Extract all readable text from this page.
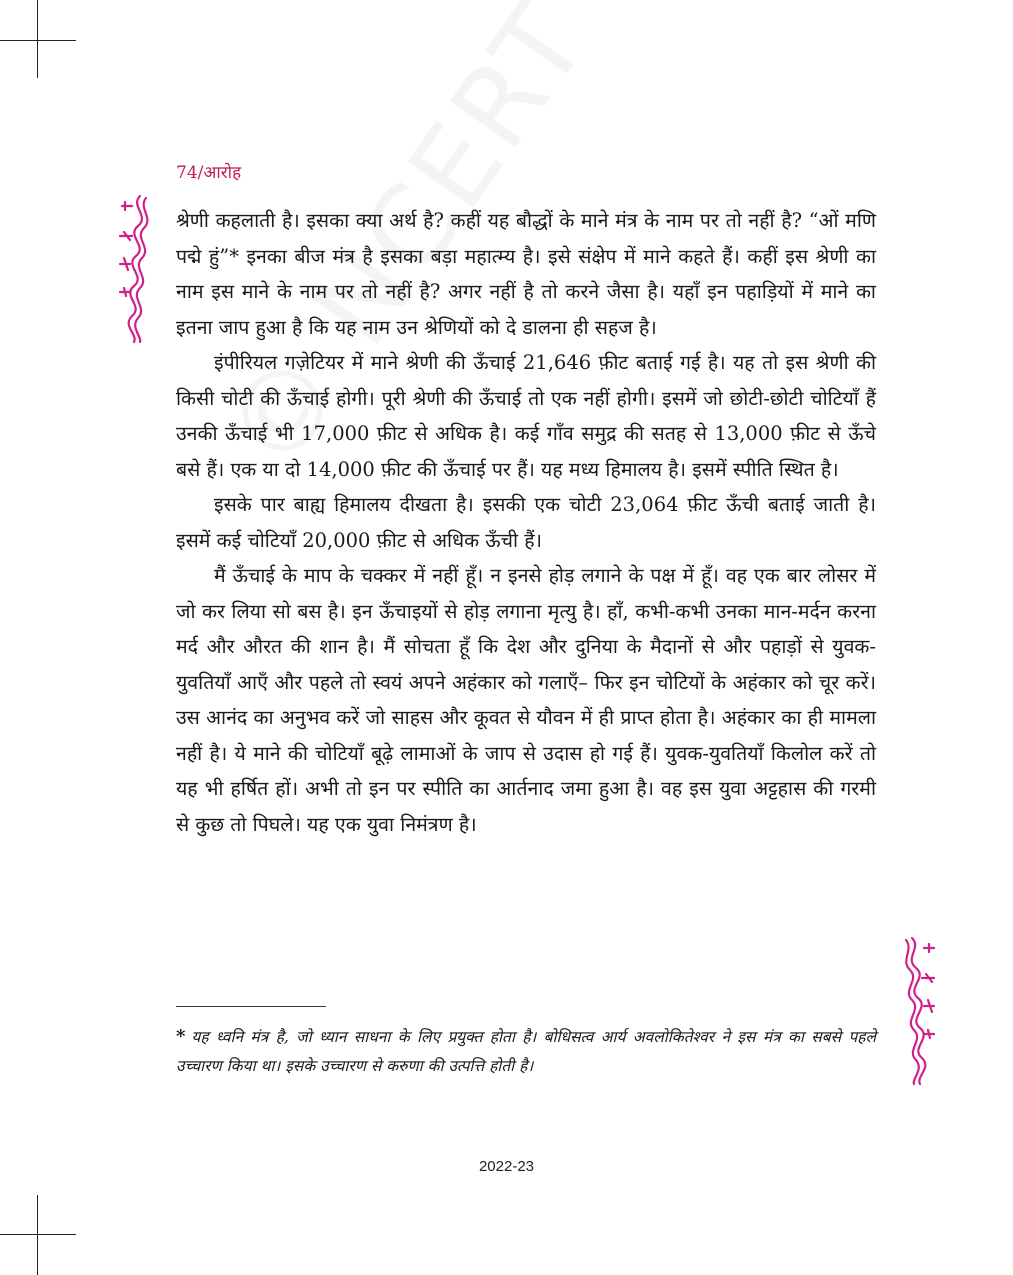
74/आरोह

श्रेणी कहलाती है। इसका क्या अर्थ है? कहीं यह बौद्धों के माने मंत्र के नाम पर तो नहीं है? “ओं मणि पद्मे हुं”* इनका बीज मंत्र है इसका बड़ा महात्म्य है। इसे संक्षेप में माने कहते हैं। कहीं इस श्रेणी का नाम इस माने के नाम पर तो नहीं है? अगर नहीं है तो करने जैसा है। यहाँ इन पहाड़ियों में माने का इतना जाप हुआ है कि यह नाम उन श्रेणियों को दे डालना ही सहज है।

इंपीरियल गज़ेटियर में माने श्रेणी की ऊँचाई 21,646 फ़ीट बताई गई है। यह तो इस श्रेणी की किसी चोटी की ऊँचाई होगी। पूरी श्रेणी की ऊँचाई तो एक नहीं होगी। इसमें जो छोटी-छोटी चोटियाँ हैं उनकी ऊँचाई भी 17,000 फ़ीट से अधिक है। कई गाँव समुद्र की सतह से 13,000 फ़ीट से ऊँचे बसे हैं। एक या दो 14,000 फ़ीट की ऊँचाई पर हैं। यह मध्य हिमालय है। इसमें स्पीति स्थित है।

इसके पार बाह्य हिमालय दीखता है। इसकी एक चोटी 23,064 फ़ीट ऊँची बताई जाती है। इसमें कई चोटियाँ 20,000 फ़ीट से अधिक ऊँची हैं।

मैं ऊँचाई के माप के चक्कर में नहीं हूँ। न इनसे होड़ लगाने के पक्ष में हूँ। वह एक बार लोसर में जो कर लिया सो बस है। इन ऊँचाइयों से होड़ लगाना मृत्यु है। हाँ, कभी-कभी उनका मान-मर्दन करना मर्द और औरत की शान है। मैं सोचता हूँ कि देश और दुनिया के मैदानों से और पहाड़ों से युवक-युवतियाँ आएँ और पहले तो स्वयं अपने अहंकार को गलाएँ– फिर इन चोटियों के अहंकार को चूर करें। उस आनंद का अनुभव करें जो साहस और कूवत से यौवन में ही प्राप्त होता है। अहंकार का ही मामला नहीं है। ये माने की चोटियाँ बूढ़े लामाओं के जाप से उदास हो गई हैं। युवक-युवतियाँ किलोल करें तो यह भी हर्षित हों। अभी तो इन पर स्पीति का आर्तनाद जमा हुआ है। वह इस युवा अट्टहास की गरमी से कुछ तो पिघले। यह एक युवा निमंत्रण है।

* यह ध्वनि मंत्र है, जो ध्यान साधना के लिए प्रयुक्त होता है। बोधिसत्व आर्य अवलोकितेश्वर ने इस मंत्र का सबसे पहले उच्चारण किया था। इसके उच्चारण से करुणा की उत्पत्ति होती है।
2022-23
